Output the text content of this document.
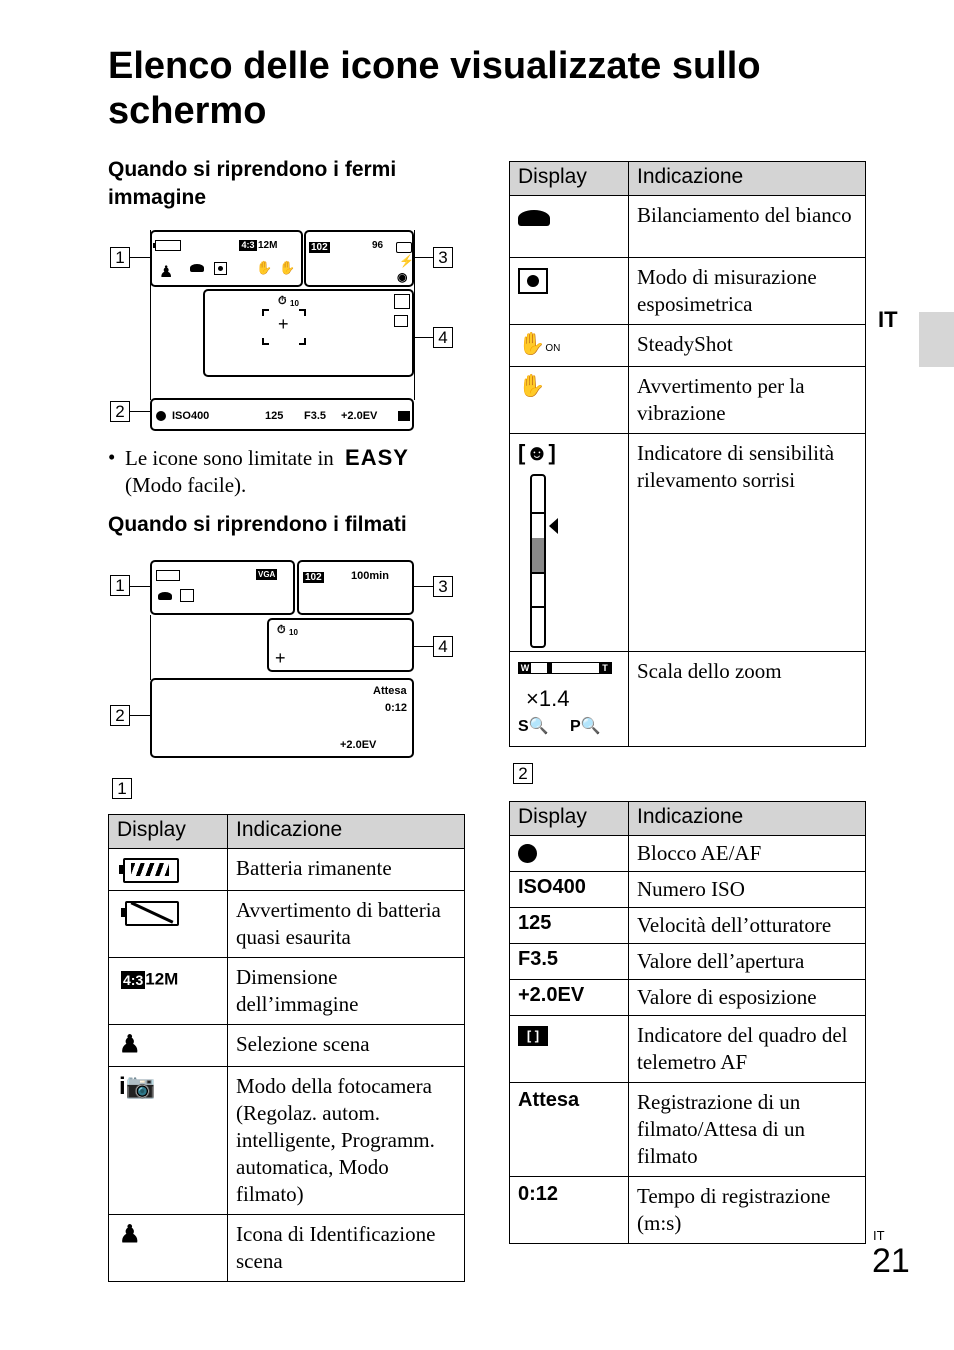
Elenco delle icone visualizzate sullo schermo
IT
Quando si riprendono i fermi immagine
1
2
3
4
4:3 12M
♟	✋ ✋
102	96
⚡
◉
⏱ 10
+
ISO400	125 F3.5 +2.0EV
• Le icone sono limitate in EASY
(Modo facile).
Quando si riprendono i filmati
1
2
3
4
VGA	102	100min
⏱ 10
+
Attesa
0:12
+2.0EV
1
Display	Indicazione

	Batteria rimanente

	Avvertimento di batteria quasi esaurita
4:3 12M	Dimensione dell’immagine
♟	Selezione scena
i📷	Modo della fotocamera (Regolaz. autom. intelligente, Programm. automatica, Modo filmato)
♟	Icona di Identificazione scena
Display	Indicazione

	Bilanciamento del bianco

	Modo di misurazione esposimetrica
✋ON	SteadyShot
✋	Avvertimento per la vibrazione

[☻]	Indicatore di sensibilità rilevamento sorrisi

W T
×1.4
S🔍 P🔍	Scala dello zoom
2
Display	Indicazione

	Blocco AE/AF
ISO400	Numero ISO
125	Velocità dell’otturatore
F3.5	Valore dell’apertura
+2.0EV	Valore di esposizione

[ ]	Indicatore del quadro del telemetro AF
Attesa	Registrazione di un filmato/Attesa di un filmato
0:12	Tempo di registrazione (m:s)
IT
21
